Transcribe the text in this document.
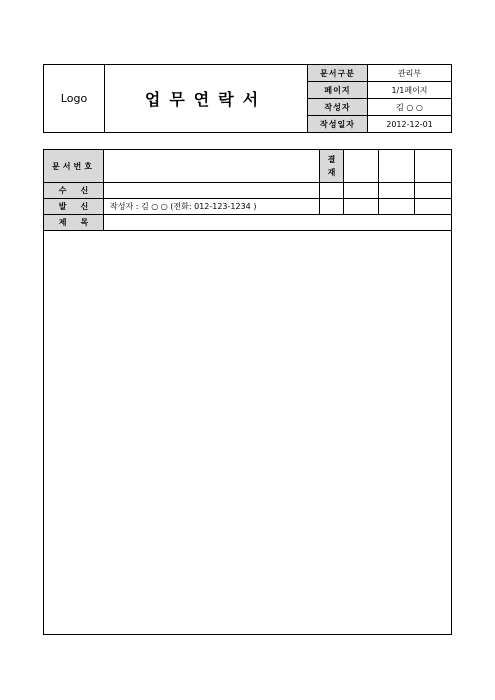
Logo	업무연락서	문서구분	관리부
		페이지	1/1페이지
		작성자	김 ○ ○
		작성일자	2012-12-01
문서번호		결
재			

수신					
발신	작성자 : 김 ○ ○ (전화: 012-123-1234 )				
제목					
